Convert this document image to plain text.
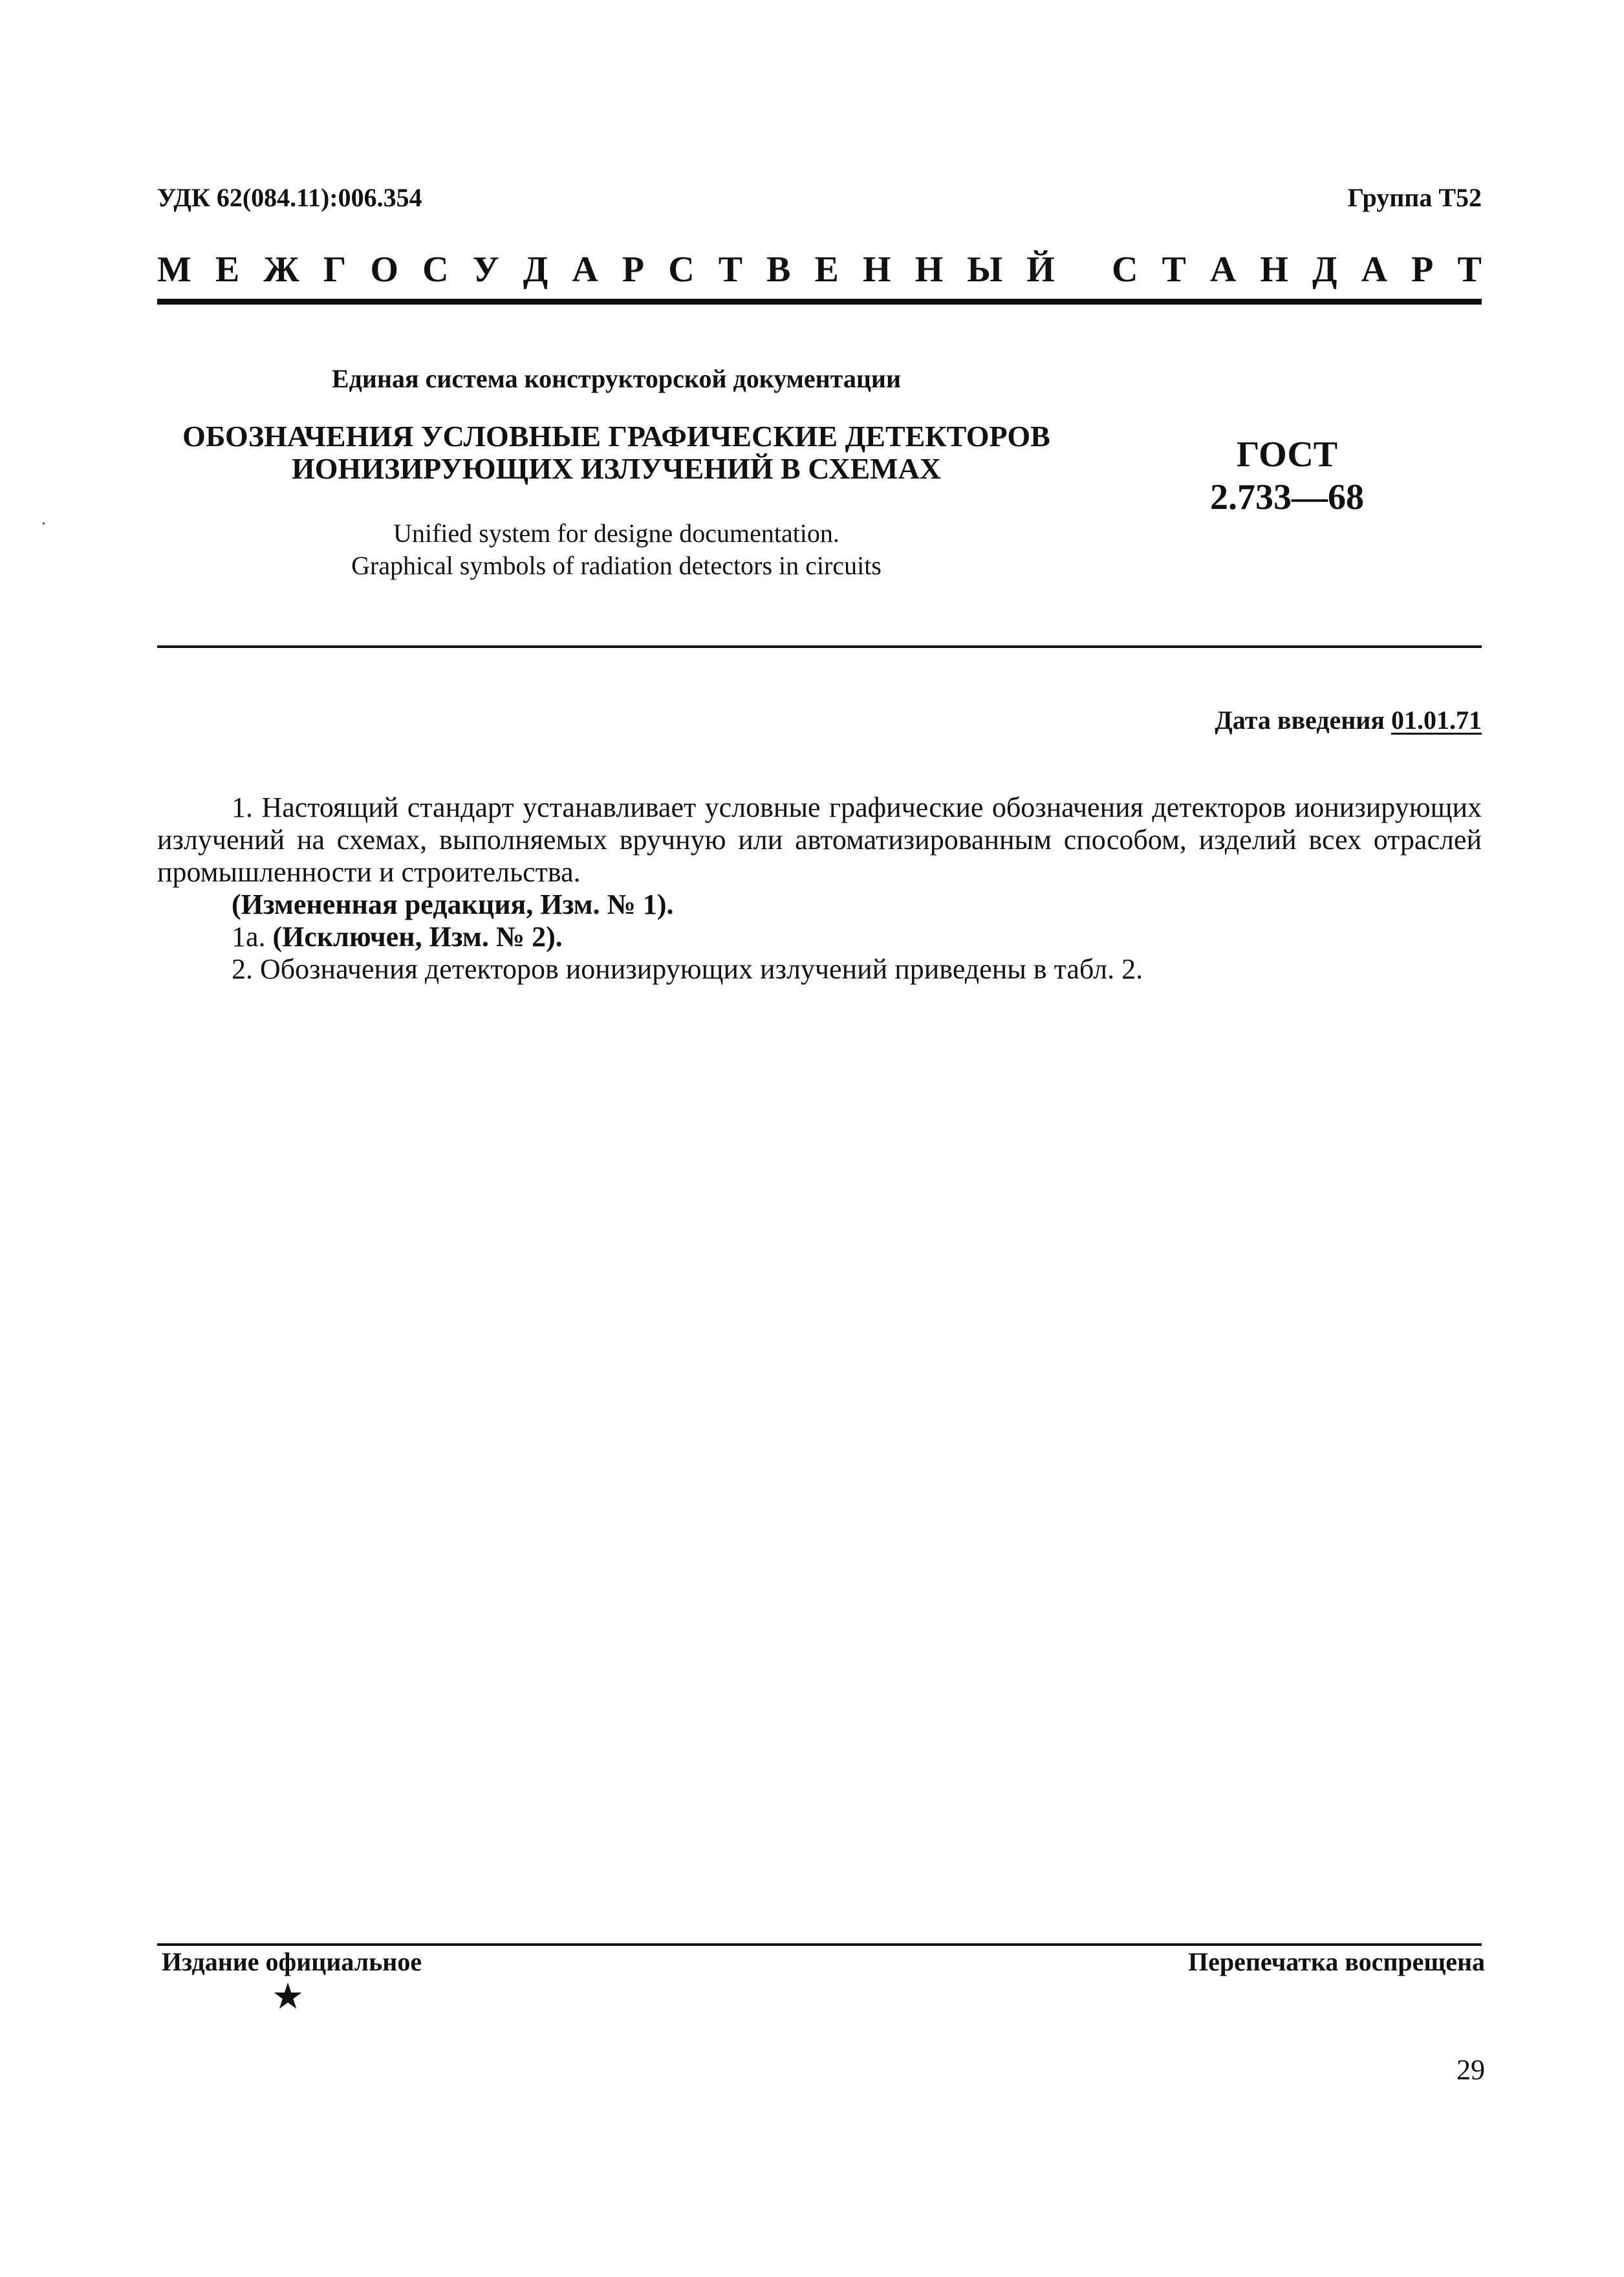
УДК 62(084.11):006.354	Группа Т52
М Е Ж Г О С У Д А Р С Т В Е Н Н Ы Й
С Т А Н Д А Р Т
Единая система конструкторской документации
ОБОЗНАЧЕНИЯ УСЛОВНЫЕ ГРАФИЧЕСКИЕ ДЕТЕКТОРОВ
ИОНИЗИРУЮЩИХ ИЗЛУЧЕНИЙ В СХЕМАХ	ГОСТ
2.733—68
Unified system for designe documentation.
Graphical symbols of radiation detectors in circuits
Дата введения 01.01.71

1. Настоящий стандарт устанавливает условные графические обозначения детекторов ионизирующих излучений на схемах, выполняемых вручную или автоматизированным способом, изделий всех отраслей промышленности и строительства.

(Измененная редакция, Изм. № 1).

1а. (Исключен, Изм. № 2).

2. Обозначения детекторов ионизирующих излучений приведены в табл. 2.

Издание официальное	Перепечатка воспрещена
★
29
